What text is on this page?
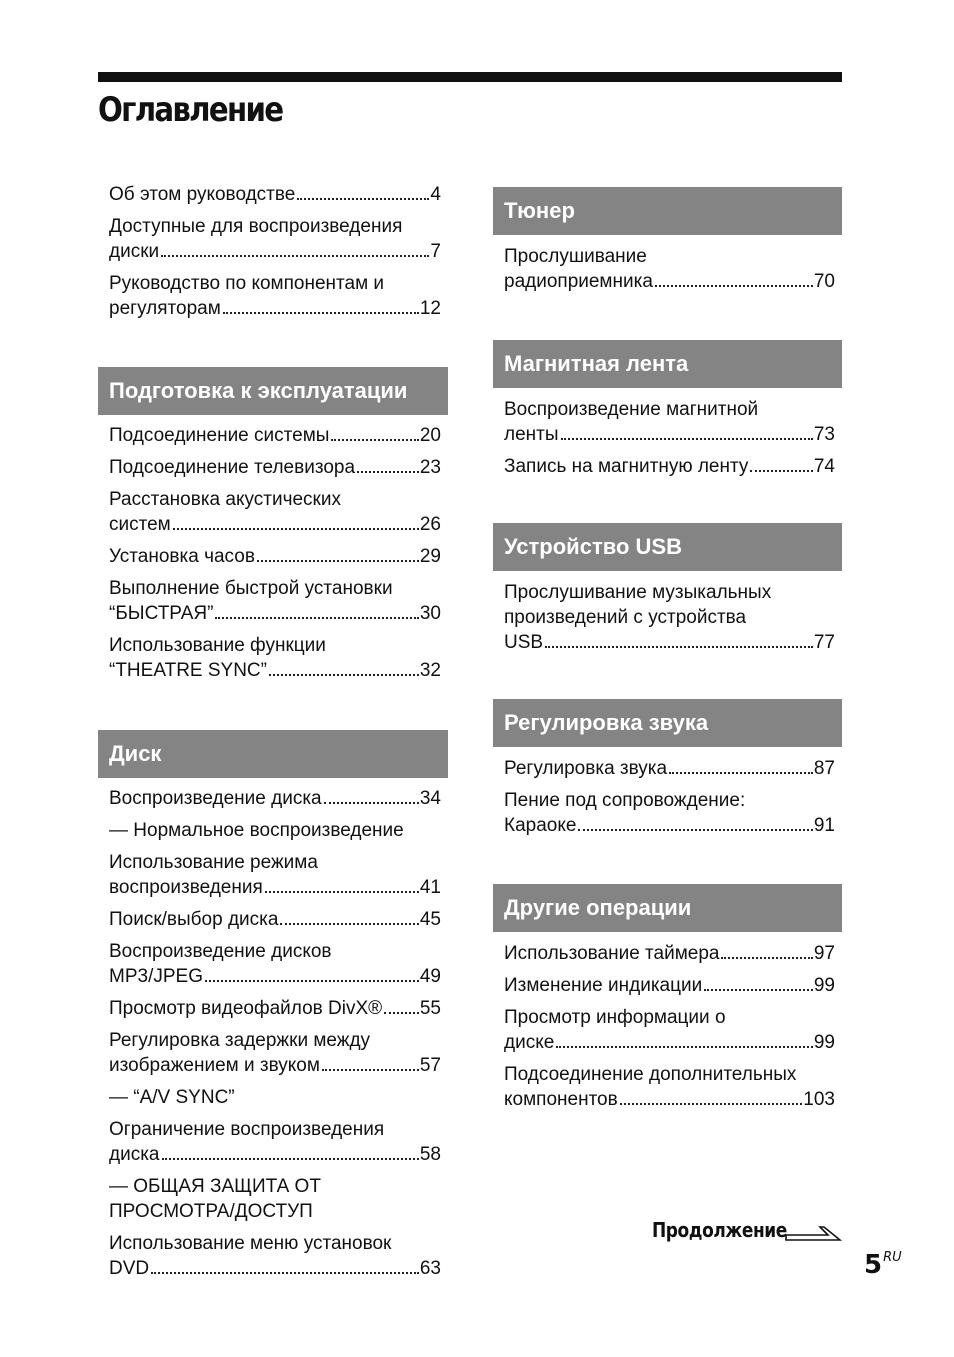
Оглавление
Об этом руководстве	4
Доступные для воспроизведения
диски	7
Руководство по компонентам и
регуляторам	12
Подготовка к эксплуатации
Подсоединение системы	20
Подсоединение телевизора	23
Расстановка акустических
систем	26
Установка часов	29
Выполнение быстрой установки
“БЫСТРАЯ”	30
Использование функции
“THEATRE SYNC”	32
Диск
Воспроизведение диска	34
— Нормальное воспроизведение
Использование режима
воспроизведения	41
Поиск/выбор диска	45
Воспроизведение дисков
MP3/JPEG	49
Просмотр видеофайлов DivX® 55
Регулировка задержки между
изображением и звуком	57
— “A/V SYNC”
Ограничение воспроизведения
диска	58
— ОБЩАЯ ЗАЩИТА ОТ
ПРОСМОТРА/ДОСТУП
Использование меню установок
DVD	63
Тюнер
Прослушивание
радиоприемника	70
Магнитная лента
Воспроизведение магнитной
ленты	73
Запись на магнитную ленту	74
Устройство USB
Прослушивание музыкальных
произведений с устройства
USB	77
Регулировка звука
Регулировка звука	87
Пение под сопровождение:
Караоке	91
Другие операции
Использование таймера	97
Изменение индикации	99
Просмотр информации о
диске	99
Подсоединение дополнительных
компонентов	103
Продолжение
$5^{RU}$
